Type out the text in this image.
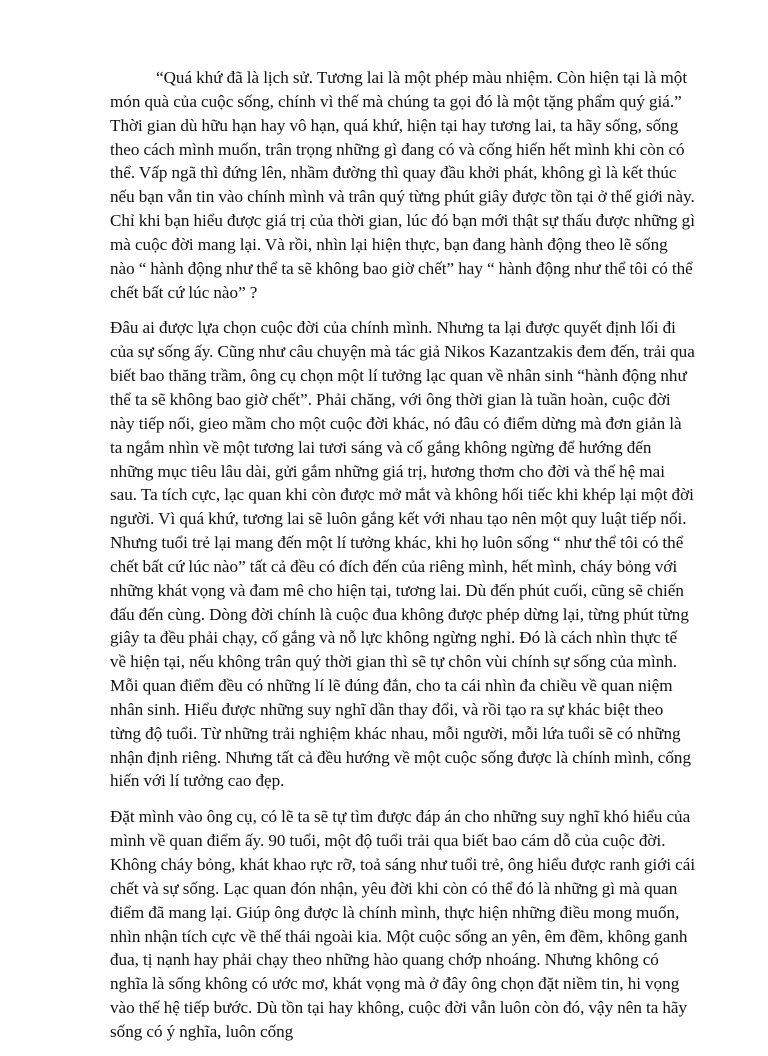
“Quá khứ đã là lịch sử. Tương lai là một phép màu nhiệm. Còn hiện tại là một món quà của cuộc sống, chính vì thế mà chúng ta gọi đó là một tặng phẩm quý giá.” Thời gian dù hữu hạn hay vô hạn, quá khứ, hiện tại hay tương lai, ta hãy sống, sống theo cách mình muốn, trân trọng những gì đang có và cống hiến hết mình khi còn có thể. Vấp ngã thì đứng lên, nhầm đường thì quay đầu khởi phát, không gì là kết thúc nếu bạn vẫn tin vào chính mình và trân quý từng phút giây được tồn tại ở thế giới này. Chỉ khi bạn hiểu được giá trị của thời gian, lúc đó bạn mới thật sự thấu được những gì mà cuộc đời mang lại. Và rồi, nhìn lại hiện thực, bạn đang hành động theo lẽ sống nào “ hành động như thể ta sẽ không bao giờ chết” hay “ hành động như thể tôi có thể chết bất cứ lúc nào” ?

Đâu ai được lựa chọn cuộc đời của chính mình. Nhưng ta lại được quyết định lối đi của sự sống ấy. Cũng như câu chuyện mà tác giả Nikos Kazantzakis đem đến, trải qua biết bao thăng trầm, ông cụ chọn một lí tưởng lạc quan về nhân sinh “hành động như thể ta sẽ không bao giờ chết”. Phải chăng, với ông thời gian là tuần hoàn, cuộc đời này tiếp nối, gieo mầm cho một cuộc đời khác, nó đâu có điểm dừng mà đơn giản là ta ngắm nhìn về một tương lai tươi sáng và cố gắng không ngừng để hướng đến những mục tiêu lâu dài, gửi gắm những giá trị, hương thơm cho đời và thế hệ mai sau. Ta tích cực, lạc quan khi còn được mở mắt và không hối tiếc khi khép lại một đời người. Vì quá khứ, tương lai sẽ luôn gắng kết với nhau tạo nên một quy luật tiếp nối. Nhưng tuổi trẻ lại mang đến một lí tưởng khác, khi họ luôn sống “ như thể tôi có thể chết bất cứ lúc nào” tất cả đều có đích đến của riêng mình, hết mình, cháy bỏng với những khát vọng và đam mê cho hiện tại, tương lai. Dù đến phút cuối, cũng sẽ chiến đấu đến cùng. Dòng đời chính là cuộc đua không được phép dừng lại, từng phút từng giây ta đều phải chạy, cố gắng và nỗ lực không ngừng nghỉ. Đó là cách nhìn thực tế về hiện tại, nếu không trân quý thời gian thì sẽ tự chôn vùi chính sự sống của mình. Mỗi quan điểm đều có những lí lẽ đúng đắn, cho ta cái nhìn đa chiều về quan niệm nhân sinh. Hiểu được những suy nghĩ dần thay đổi, và rồi tạo ra sự khác biệt theo từng độ tuổi. Từ những trải nghiệm khác nhau, mỗi người, mỗi lứa tuổi sẽ có những nhận định riêng. Nhưng tất cả đều hướng về một cuộc sống được là chính mình, cống hiến với lí tưởng cao đẹp.

Đặt mình vào ông cụ, có lẽ ta sẽ tự tìm được đáp án cho những suy nghĩ khó hiểu của mình về quan điểm ấy. 90 tuổi, một độ tuổi trải qua biết bao cám dỗ của cuộc đời. Không cháy bỏng, khát khao rực rỡ, toả sáng như tuổi trẻ, ông hiểu được ranh giới cái chết và sự sống. Lạc quan đón nhận, yêu đời khi còn có thể đó là những gì mà quan điểm đã mang lại. Giúp ông được là chính mình, thực hiện những điều mong muốn, nhìn nhận tích cực về thế thái ngoài kia. Một cuộc sống an yên, êm đềm, không ganh đua, tị nạnh hay phải chạy theo những hào quang chớp nhoáng. Nhưng không có nghĩa là sống không có ước mơ, khát vọng mà ở đây ông chọn đặt niềm tin, hi vọng vào thế hệ tiếp bước. Dù tồn tại hay không, cuộc đời vẫn luôn còn đó, vậy nên ta hãy sống có ý nghĩa, luôn cống
